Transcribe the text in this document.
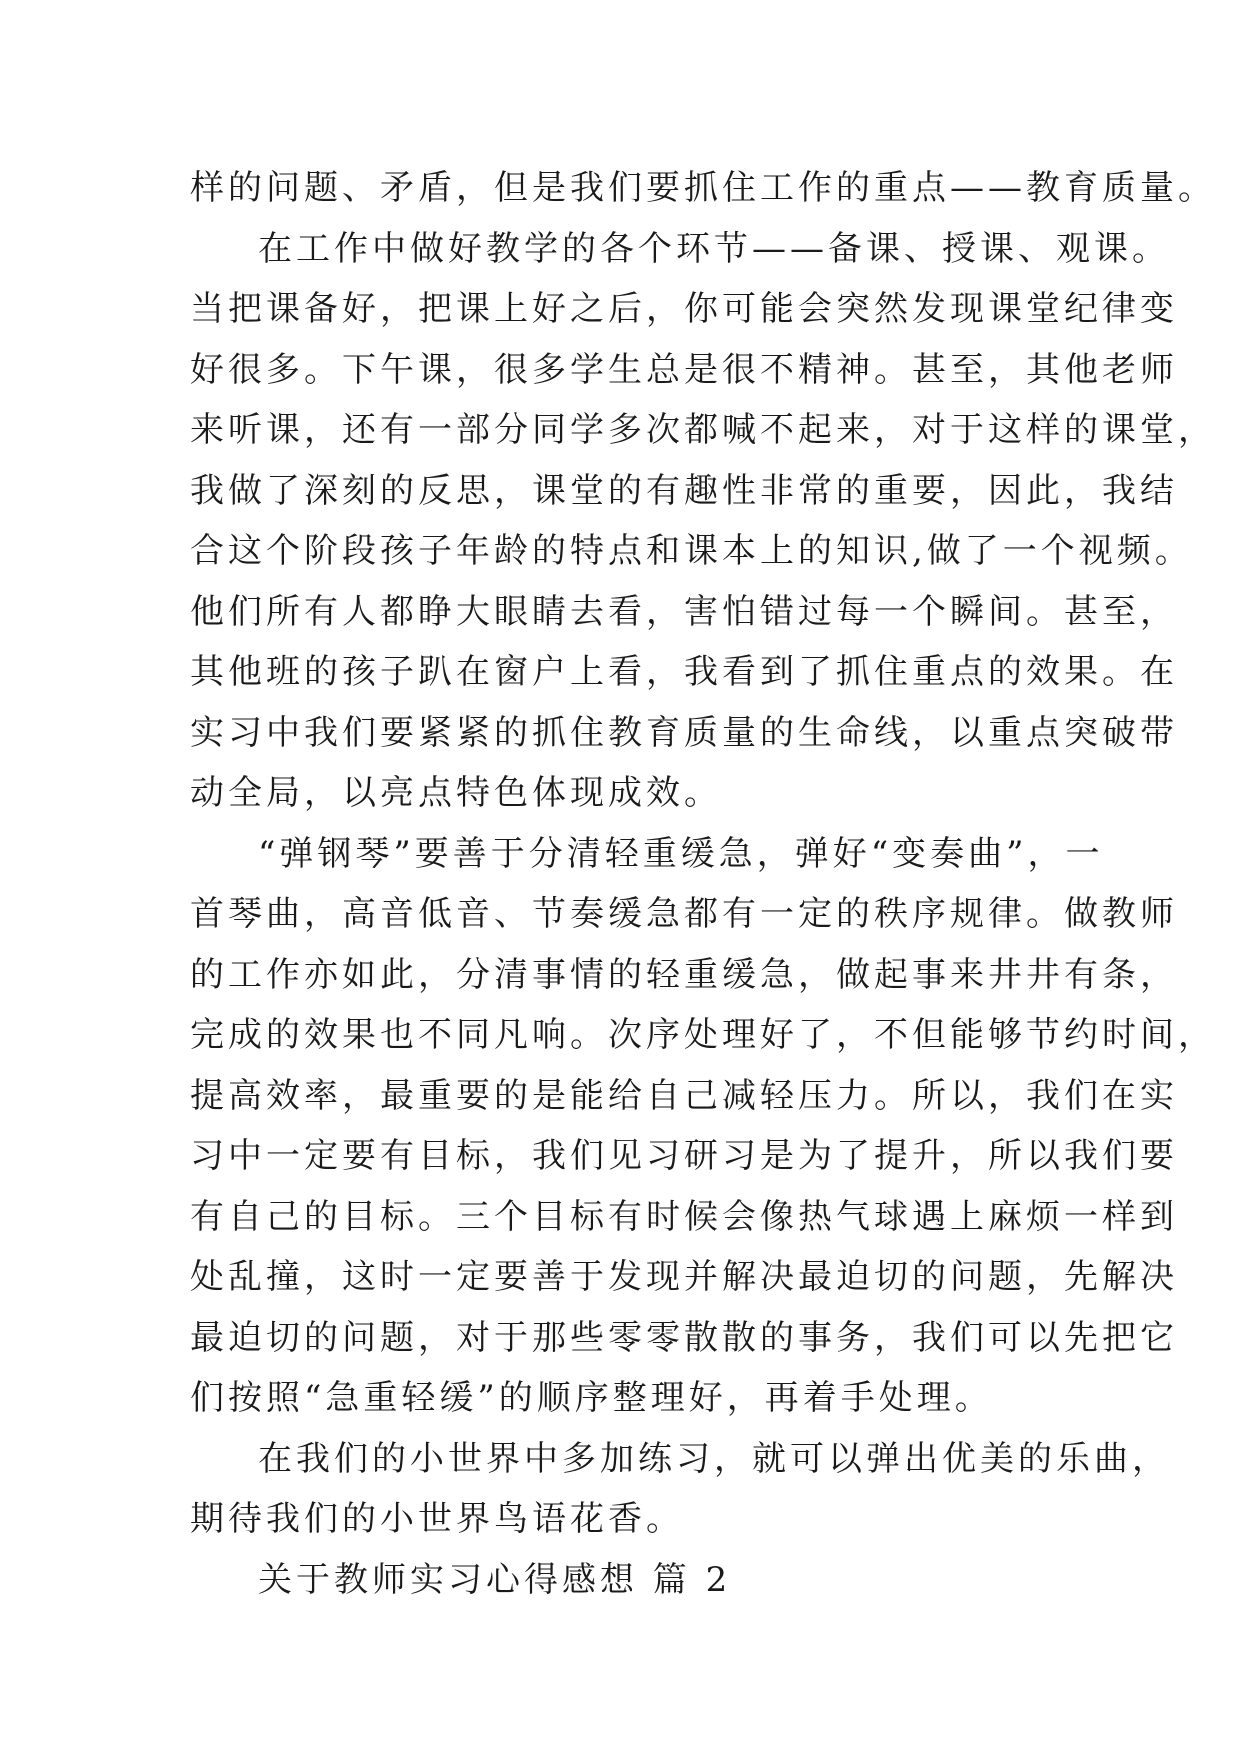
样的问题、矛盾，但是我们要抓住工作的重点——教育质量。
在工作中做好教学的各个环节——备课、授课、观课。
当把课备好，把课上好之后，你可能会突然发现课堂纪律变
好很多。下午课，很多学生总是很不精神。甚至，其他老师
来听课，还有一部分同学多次都喊不起来，对于这样的课堂，
我做了深刻的反思，课堂的有趣性非常的重要，因此，我结
合这个阶段孩子年龄的特点和课本上的知识,做了一个视频。
他们所有人都睁大眼睛去看，害怕错过每一个瞬间。甚至，
其他班的孩子趴在窗户上看，我看到了抓住重点的效果。在
实习中我们要紧紧的抓住教育质量的生命线，以重点突破带
动全局，以亮点特色体现成效。
“弹钢琴”要善于分清轻重缓急，弹好“变奏曲”，一
首琴曲，高音低音、节奏缓急都有一定的秩序规律。做教师
的工作亦如此，分清事情的轻重缓急，做起事来井井有条，
完成的效果也不同凡响。次序处理好了，不但能够节约时间，
提高效率，最重要的是能给自己减轻压力。所以，我们在实
习中一定要有目标，我们见习研习是为了提升，所以我们要
有自己的目标。三个目标有时候会像热气球遇上麻烦一样到
处乱撞，这时一定要善于发现并解决最迫切的问题，先解决
最迫切的问题，对于那些零零散散的事务，我们可以先把它
们按照“急重轻缓”的顺序整理好，再着手处理。
在我们的小世界中多加练习，就可以弹出优美的乐曲，
期待我们的小世界鸟语花香。
关于教师实习心得感想 篇 2
